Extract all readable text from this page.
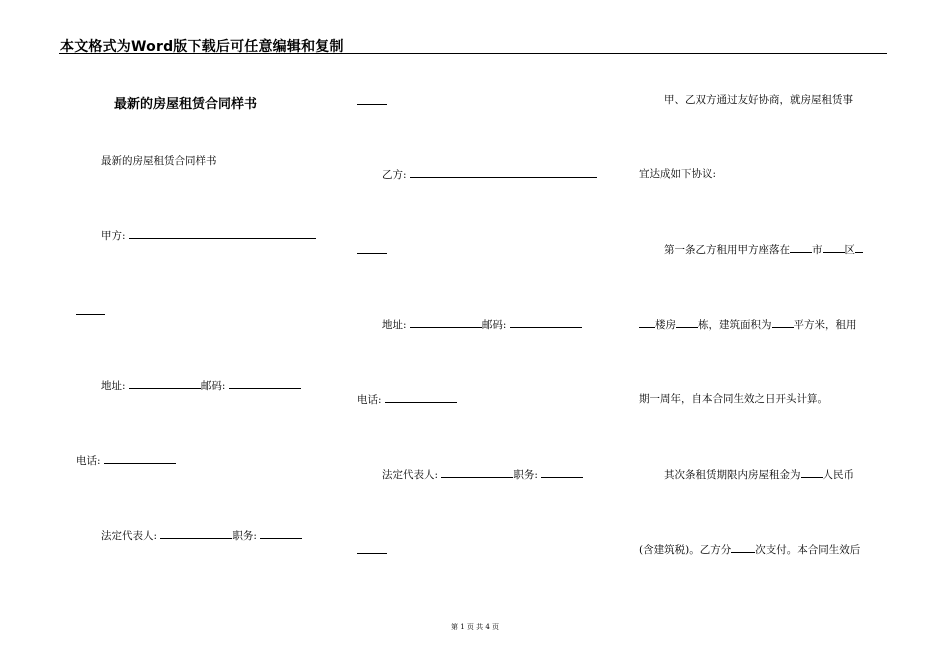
本文格式为Word版下载后可任意编辑和复制
最新的房屋租赁合同样书
最新的房屋租赁合同样书
甲方:
地址:	邮码:
电话:
法定代表人:	职务:
乙方:
地址:	邮码:
电话:
法定代表人:	职务:
甲、乙双方通过友好协商，就房屋租赁事
宜达成如下协议:
第一条乙方租用甲方座落在 市 区
楼房 栋，建筑面积为 平方米，租用
期一周年，自本合同生效之日开头计算。
其次条租赁期限内房屋租金为 人民币
(含建筑税)。乙方分 次支付。本合同生效后
第 1 页 共 4 页
